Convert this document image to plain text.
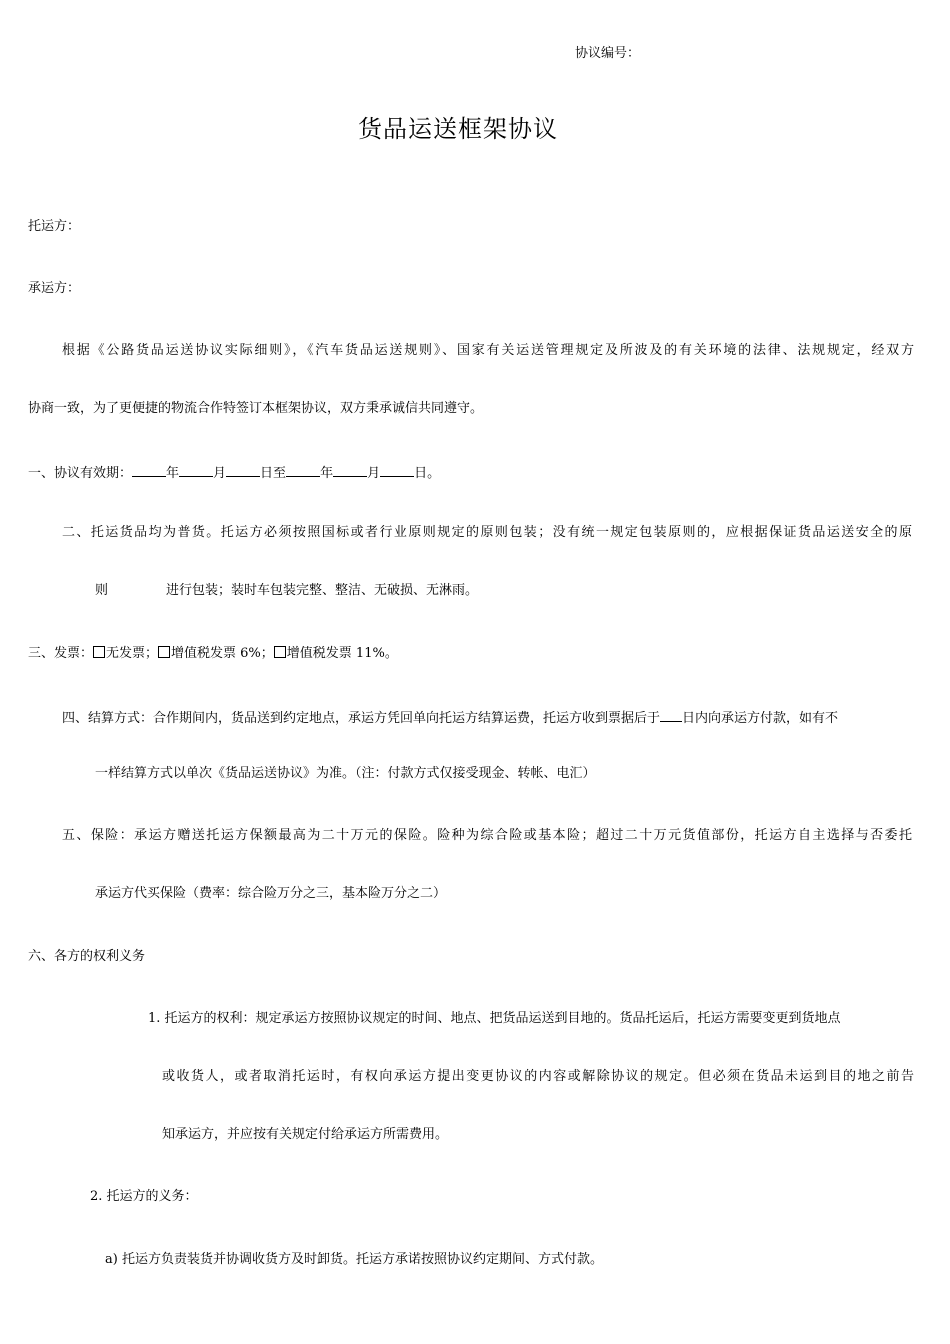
协议编号：
货品运送框架协议
托运方：
承运方：
根据《公路货品运送协议实际细则》，《汽车货品运送规则》、国家有关运送管理规定及所波及的有关环境的法律、法规规定，经双方
协商一致，为了更便捷的物流合作特签订本框架协议，双方秉承诚信共同遵守。
一、协议有效期：	年	月	日至	年	月	日。
二、托运货品均为普货。托运方必须按照国标或者行业原则规定的原则包装；没有统一规定包装原则的，应根据保证货品运送安全的原
则	进行包装；装时车包装完整、整洁、无破损、无淋雨。
三、发票： 无发票； 增值税发票 6%； 增值税发票 11%。
四、结算方式：合作期间内，货品送到约定地点，承运方凭回单向托运方结算运费，托运方收到票据后于 日内向承运方付款，如有不
一样结算方式以单次《货品运送协议》为准。（注：付款方式仅接受现金、转帐、电汇）
五、保险：承运方赠送托运方保额最高为二十万元的保险。险种为综合险或基本险；超过二十万元货值部份，托运方自主选择与否委托
承运方代买保险（费率：综合险万分之三，基本险万分之二）
六、各方的权利义务
1. 托运方的权利：规定承运方按照协议规定的时间、地点、把货品运送到目地的。货品托运后，托运方需要变更到货地点
或收货人，或者取消托运时，有权向承运方提出变更协议的内容或解除协议的规定。但必须在货品未运到目的地之前告
知承运方，并应按有关规定付给承运方所需费用。
2. 托运方的义务：
a) 托运方负责装货并协调收货方及时卸货。托运方承诺按照协议约定期间、方式付款。
